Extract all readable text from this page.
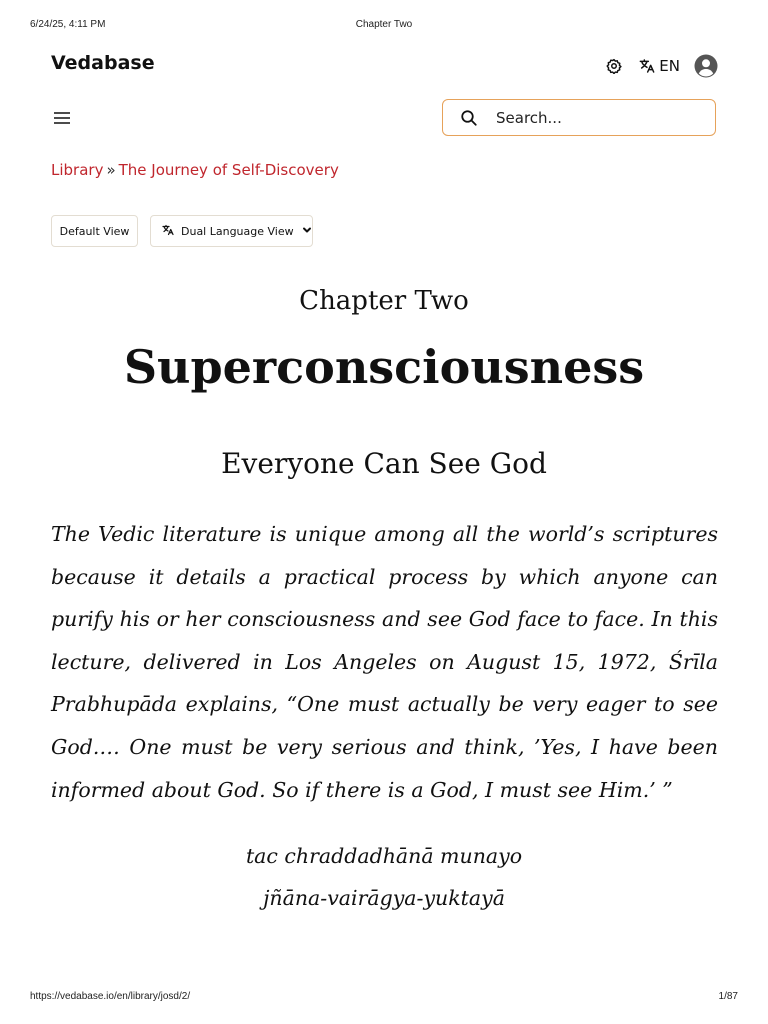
6/24/25, 4:11 PM	Chapter Two
Vedabase	EN
Search...
Library » The Journey of Self-Discovery
Default View	Dual Language View
Chapter Two
Superconsciousness
Everyone Can See God

The Vedic literature is unique among all the world’s scriptures because it details a practical process by which anyone can purify his or her consciousness and see God face to face. In this lecture, delivered in Los Angeles on August 15, 1972, Śrīla Prabhupāda explains, “One must actually be very eager to see God.… One must be very serious and think, ’Yes, I have been informed about God. So if there is a God, I must see Him.’ ”

tac chraddadhānā munayo
jñāna-vairāgya-yuktayā
https://vedabase.io/en/library/josd/2/	1/87
